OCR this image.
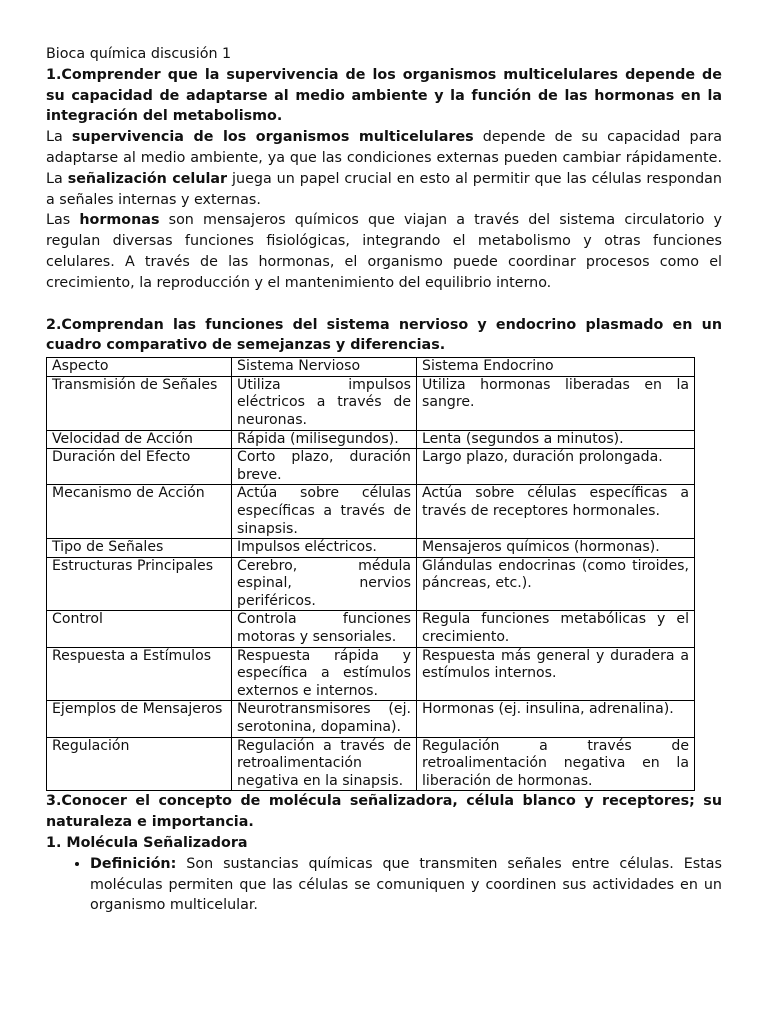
Bioca química discusión 1

1.Comprender que la supervivencia de los organismos multicelulares depende de su capacidad de adaptarse al medio ambiente y la función de las hormonas en la integración del metabolismo.

La supervivencia de los organismos multicelulares depende de su capacidad para adaptarse al medio ambiente, ya que las condiciones externas pueden cambiar rápidamente. La señalización celular juega un papel crucial en esto al permitir que las células respondan a señales internas y externas.

Las hormonas son mensajeros químicos que viajan a través del sistema circulatorio y regulan diversas funciones fisiológicas, integrando el metabolismo y otras funciones celulares. A través de las hormonas, el organismo puede coordinar procesos como el crecimiento, la reproducción y el mantenimiento del equilibrio interno.

2.Comprendan las funciones del sistema nervioso y endocrino plasmado en un cuadro comparativo de semejanzas y diferencias.

Aspecto	Sistema Nervioso	Sistema Endocrino
Transmisión de Señales	Utiliza impulsos eléctricos a través de neuronas.	Utiliza hormonas liberadas en la sangre.
Velocidad de Acción	Rápida (milisegundos).	Lenta (segundos a minutos).
Duración del Efecto	Corto plazo, duración breve.	Largo plazo, duración prolongada.
Mecanismo de Acción	Actúa sobre células específicas a través de sinapsis.	Actúa sobre células específicas a través de receptores hormonales.
Tipo de Señales	Impulsos eléctricos.	Mensajeros químicos (hormonas).
Estructuras Principales	Cerebro, médula espinal, nervios periféricos.	Glándulas endocrinas (como tiroides, páncreas, etc.).
Control	Controla funciones motoras y sensoriales.	Regula funciones metabólicas y el crecimiento.
Respuesta a Estímulos	Respuesta rápida y específica a estímulos externos e internos.	Respuesta más general y duradera a estímulos internos.
Ejemplos de Mensajeros	Neurotransmisores (ej. serotonina, dopamina).	Hormonas (ej. insulina, adrenalina).
Regulación	Regulación a través de retroalimentación negativa en la sinapsis.	Regulación a través de retroalimentación negativa en la liberación de hormonas.

3.Conocer el concepto de molécula señalizadora, célula blanco y receptores; su naturaleza e importancia.

1. Molécula Señalizadora

• Definición: Son sustancias químicas que transmiten señales entre células. Estas moléculas permiten que las células se comuniquen y coordinen sus actividades en un organismo multicelular.
